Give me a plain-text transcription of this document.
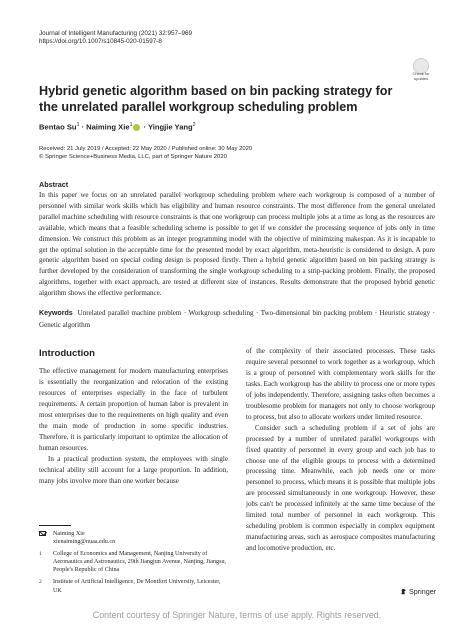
Journal of Intelligent Manufacturing (2021) 32:957–969
https://doi.org/10.1007/s10845-020-01597-8
Check for
updates
Hybrid genetic algorithm based on bin packing strategy for the unrelated parallel workgroup scheduling problem
Bentao $Su^1 \cdot Naiming$ Xie$^1$ · Yingjie Yang$^2$
Received: 21 July 2019 / Accepted: 22 May 2020 / Published online: 30 May 2020
© Springer Science+Business Media, LLC, part of Springer Nature 2020
Abstract

In this paper we focus on an unrelated parallel workgroup scheduling problem where each workgroup is composed of a number of personnel with similar work skills which has eligibility and human resource constraints. The most difference from the general unrelated parallel machine scheduling with resource constraints is that one workgroup can process multiple jobs at a time as long as the resources are available, which means that a feasible scheduling scheme is possible to get if we consider the processing sequence of jobs only in time dimension. We construct this problem as an integer programming model with the objective of minimizing makespan. As it is incapable to get the optimal solution in the acceptable time for the presented model by exact algorithm, meta-heuristic is considered to design. A pure genetic algorithm based on special coding design is proposed firstly. Then a hybrid genetic algorithm based on bin packing strategy is further developed by the consideration of transforming the single workgroup scheduling to a strip-packing problem. Finally, the proposed algorithms, together with exact approach, are tested at different size of instances. Results demonstrate that the proposed hybrid genetic algorithm shows the effective performance.

Keywords Unrelated parallel machine problem · Workgroup scheduling · Two-dimensional bin packing problem · Heuristic strategy · Genetic algorithm

Introduction

The effective management for modern manufacturing enterprises is essentially the reorganization and relocation of the existing resources of enterprises especially in the face of turbulent requirements. A certain proportion of human labor is prevalent in most enterprises due to the requirements on high quality and even the main mode of production in some specific industries. Therefore, it is particularly important to optimize the allocation of human resources.

In a practical production system, the employees with single technical ability still account for a large proportion. In addition, many jobs involve more than one worker because

of the complexity of their associated processes. These tasks require several personnel to work together as a workgroup, which is a group of personnel with complementary work skills for the tasks. Each workgroup has the ability to process one or more types of jobs independently. Therefore, assigning tasks often becomes a troublesome problem for managers not only to choose workgroup to process, but also to allocate workers under limited resource.

Consider such a scheduling problem if a set of jobs are processed by a number of unrelated parallel workgroups with fixed quantity of personnel in every group and each job has to choose one of the eligible groups to process with a determined processing time. Meanwhile, each job needs one or more personnel to process, which means it is possible that multiple jobs are processed simultaneously in one workgroup. However, these jobs can't be processed infinitely at the same time because of the limited total number of personnel in each workgroup. This scheduling problem is common especially in complex equipment manufacturing areas, such as aerospace composites manufacturing and locomotive production, etc.

Naiming Xie
xienaiming@nuaa.edu.cn
1 College of Economics and Management, Nanjing University of Aeronautics and Astronautics, 29th Jiangjun Avenue, Nanjing, Jiangsu, People's Republic of China
2 Institute of Artificial Intelligence, De Montfort University, Leicester, UK	Springer
Content courtesy of Springer Nature, terms of use apply. Rights reserved.
